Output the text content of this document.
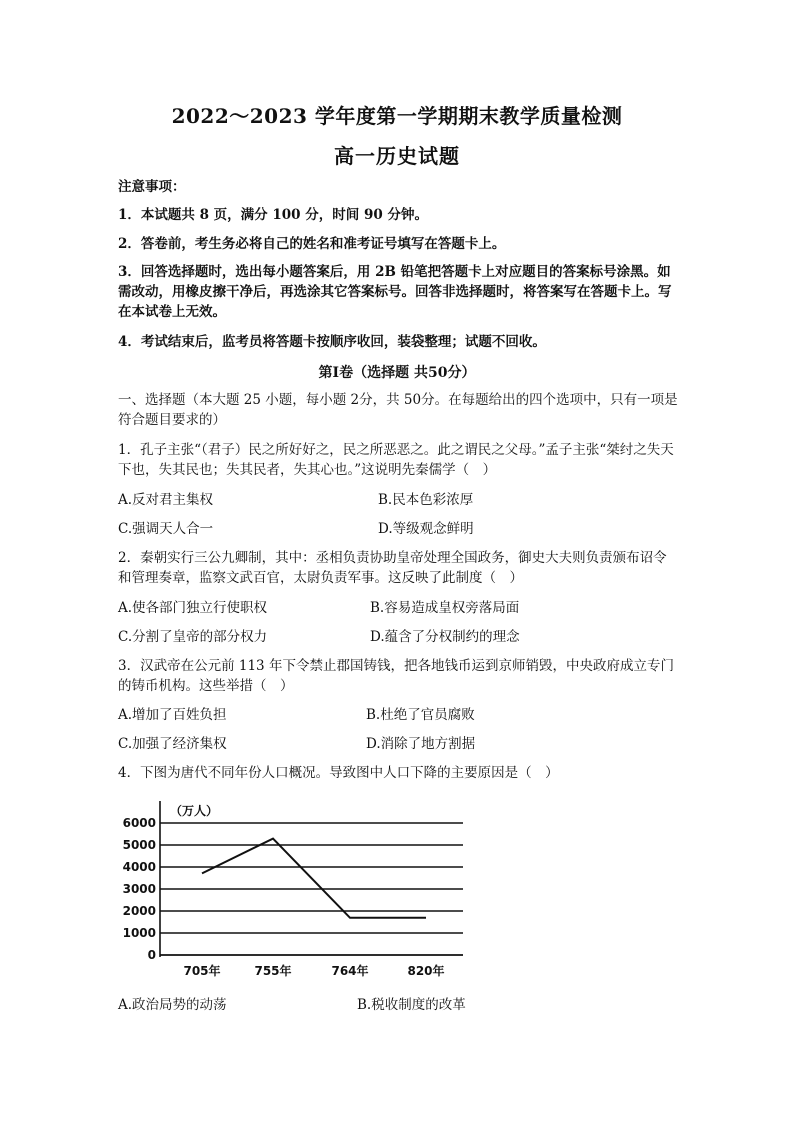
2022～2023 学年度第一学期期末教学质量检测
高一历史试题
注意事项：
1．本试题共 8 页，满分 100 分，时间 90 分钟。
2．答卷前，考生务必将自己的姓名和准考证号填写在答题卡上。
3．回答选择题时，选出每小题答案后，用 2B 铅笔把答题卡上对应题目的答案标号涂黑。如需改动，用橡皮擦干净后，再选涂其它答案标号。回答非选择题时，将答案写在答题卡上。写在本试卷上无效。
4．考试结束后，监考员将答题卡按顺序收回，装袋整理；试题不回收。
第Ⅰ卷（选择题 共50分）
一、选择题（本大题 25 小题，每小题 2分，共 50分。在每题给出的四个选项中，只有一项是符合题目要求的）
1．孔子主张“（君子）民之所好好之，民之所恶恶之。此之谓民之父母。”孟子主张“桀纣之失天下也，失其民也；失其民者，失其心也。”这说明先秦儒学（　）
A.反对君主集权	B.民本色彩浓厚
C.强调天人合一	D.等级观念鲜明
2．秦朝实行三公九卿制，其中：丞相负责协助皇帝处理全国政务，御史大夫则负责颁布诏令和管理奏章，监察文武百官，太尉负责军事。这反映了此制度（　）
A.使各部门独立行使职权	B.容易造成皇权旁落局面
C.分割了皇帝的部分权力	D.蕴含了分权制约的理念
3．汉武帝在公元前 113 年下令禁止郡国铸钱，把各地钱币运到京师销毁，中央政府成立专门的铸币机构。这些举措（　）
A.增加了百姓负担	B.杜绝了官员腐败
C.加强了经济集权	D.消除了地方割据
4．下图为唐代不同年份人口概况。导致图中人口下降的主要原因是（　）
6000
5000
4000
3000
2000
1000
0
705年	755年	764年	820年
（万人）
A.政治局势的动荡	B.税收制度的改革
